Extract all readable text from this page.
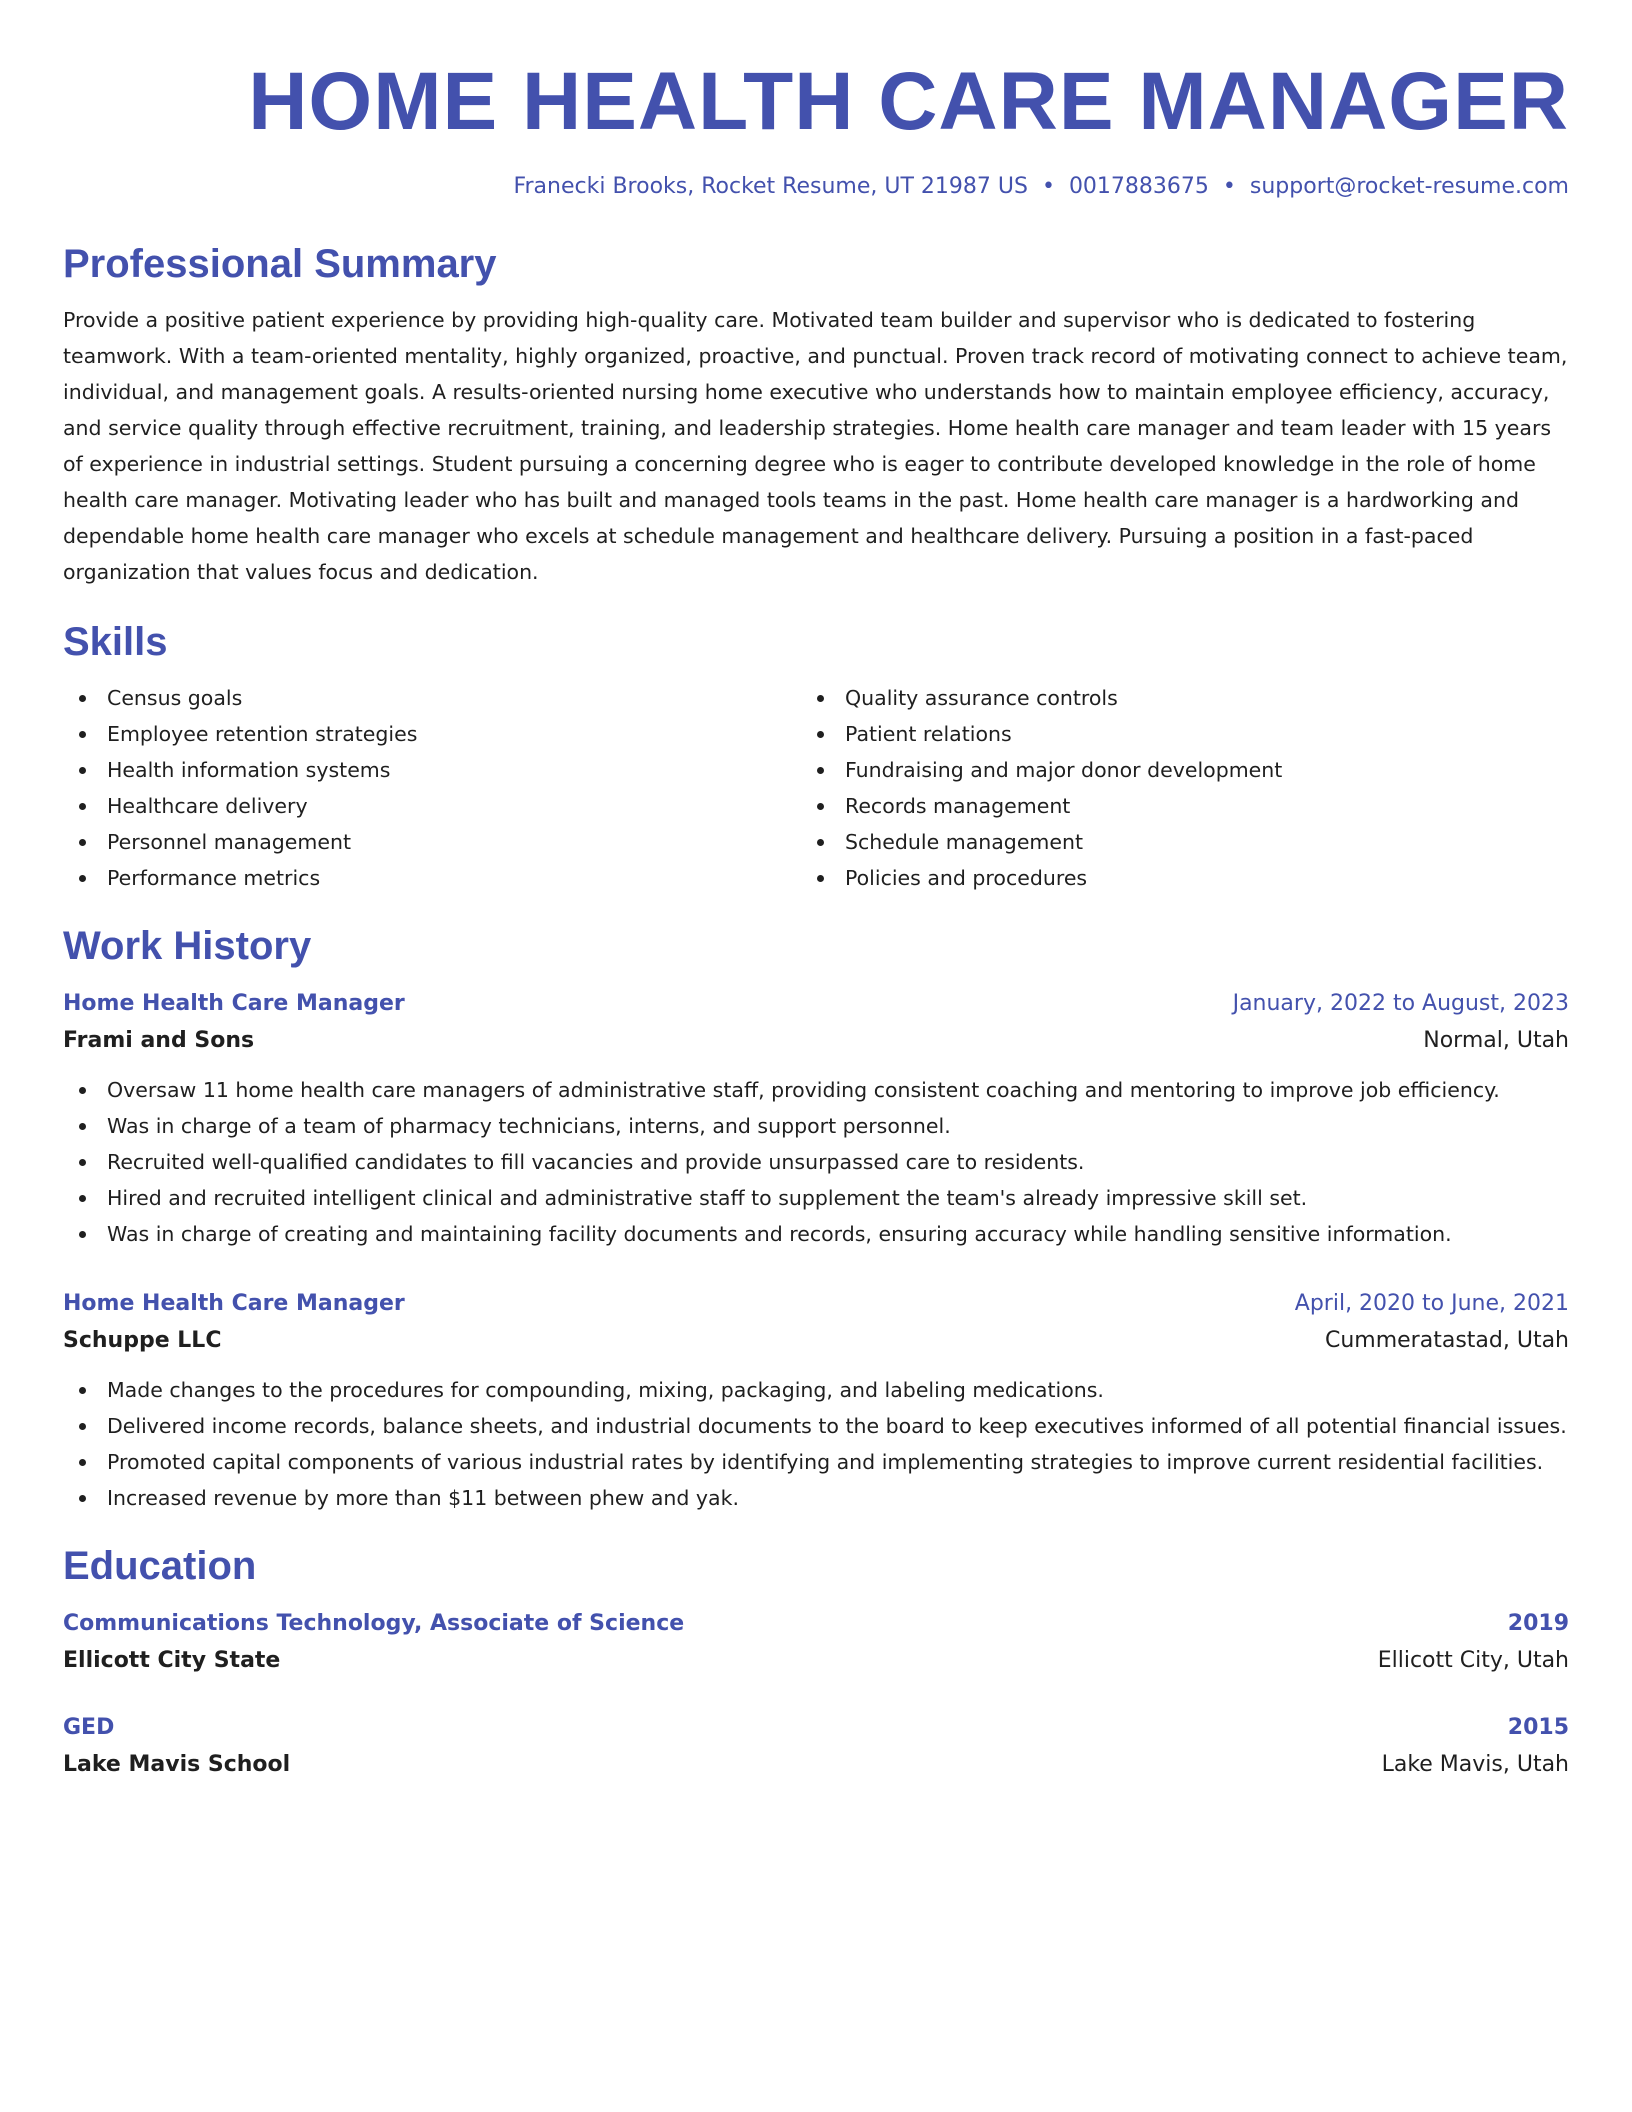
HOME HEALTH CARE MANAGER
Franecki Brooks, Rocket Resume, UT 21987 US • 0017883675 • support@rocket-resume.com
Professional Summary

Provide a positive patient experience by providing high-quality care. Motivated team builder and supervisor who is dedicated to fostering teamwork. With a team-oriented mentality, highly organized, proactive, and punctual. Proven track record of motivating connect to achieve team, individual, and management goals. A results-oriented nursing home executive who understands how to maintain employee efficiency, accuracy, and service quality through effective recruitment, training, and leadership strategies. Home health care manager and team leader with 15 years of experience in industrial settings. Student pursuing a concerning degree who is eager to contribute developed knowledge in the role of home health care manager. Motivating leader who has built and managed tools teams in the past. Home health care manager is a hardworking and dependable home health care manager who excels at schedule management and healthcare delivery. Pursuing a position in a fast-paced organization that values focus and dedication.

Skills
Census goals
Employee retention strategies
Health information systems
Healthcare delivery
Personnel management
Performance metrics
Quality assurance controls
Patient relations
Fundraising and major donor development
Records management
Schedule management
Policies and procedures
Work History
Home Health Care Manager	January, 2022 to August, 2023
Frami and Sons	Normal, Utah
Oversaw 11 home health care managers of administrative staff, providing consistent coaching and mentoring to improve job efficiency.
Was in charge of a team of pharmacy technicians, interns, and support personnel.
Recruited well-qualified candidates to fill vacancies and provide unsurpassed care to residents.
Hired and recruited intelligent clinical and administrative staff to supplement the team's already impressive skill set.
Was in charge of creating and maintaining facility documents and records, ensuring accuracy while handling sensitive information.
Home Health Care Manager	April, 2020 to June, 2021
Schuppe LLC	Cummeratastad, Utah
Made changes to the procedures for compounding, mixing, packaging, and labeling medications.
Delivered income records, balance sheets, and industrial documents to the board to keep executives informed of all potential financial issues.
Promoted capital components of various industrial rates by identifying and implementing strategies to improve current residential facilities.
Increased revenue by more than $11 between phew and yak.
Education
Communications Technology, Associate of Science	2019
Ellicott City State	Ellicott City, Utah
GED	2015
Lake Mavis School	Lake Mavis, Utah
